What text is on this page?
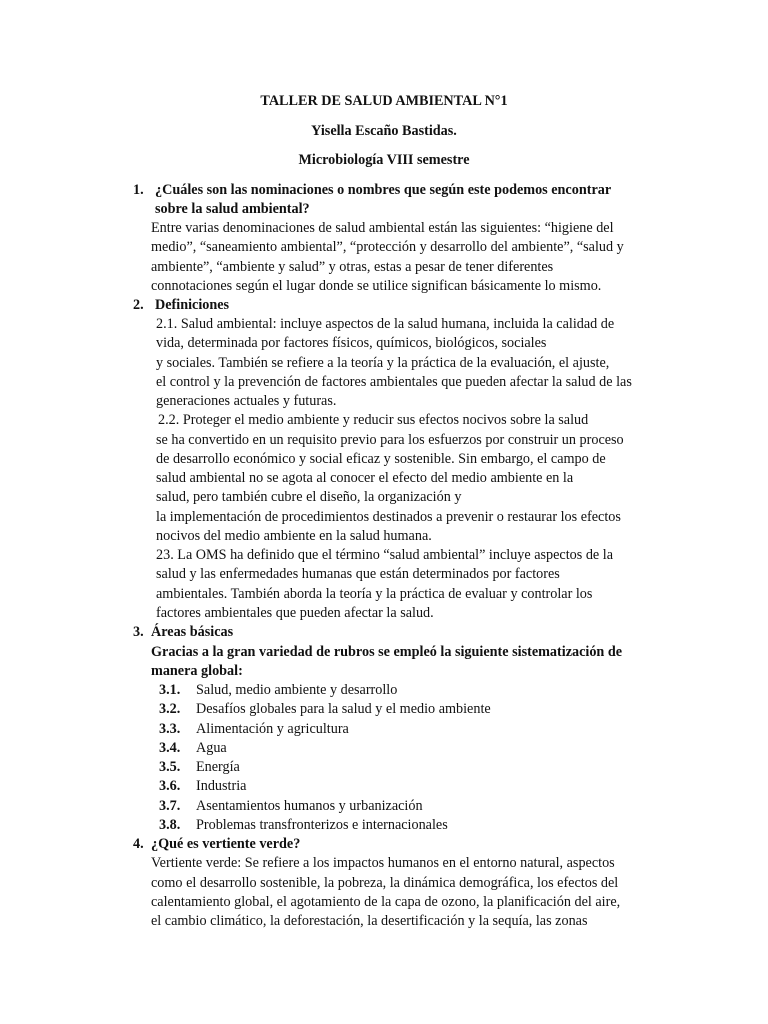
TALLER DE SALUD AMBIENTAL N°1
Yisella Escaño Bastidas.
Microbiología VIII semestre
1. ¿Cuáles son las nominaciones o nombres que según este podemos encontrar
sobre la salud ambiental?
Entre varias denominaciones de salud ambiental están las siguientes: “higiene del
medio”, “saneamiento ambiental”, “protección y desarrollo del ambiente”, “salud y
ambiente”, “ambiente y salud” y otras, estas a pesar de tener diferentes
connotaciones según el lugar donde se utilice significan básicamente lo mismo.
2. Definiciones
2.1. Salud ambiental: incluye aspectos de la salud humana, incluida la calidad de
vida, determinada por factores físicos, químicos, biológicos, sociales
y sociales. También se refiere a la teoría y la práctica de la evaluación, el ajuste,
el control y la prevención de factores ambientales que pueden afectar la salud de las
generaciones actuales y futuras.
2.2. Proteger el medio ambiente y reducir sus efectos nocivos sobre la salud
se ha convertido en un requisito previo para los esfuerzos por construir un proceso
de desarrollo económico y social eficaz y sostenible. Sin embargo, el campo de
salud ambiental no se agota al conocer el efecto del medio ambiente en la
salud, pero también cubre el diseño, la organización y
la implementación de procedimientos destinados a prevenir o restaurar los efectos
nocivos del medio ambiente en la salud humana.
23. La OMS ha definido que el término “salud ambiental” incluye aspectos de la
salud y las enfermedades humanas que están determinados por factores
ambientales. También aborda la teoría y la práctica de evaluar y controlar los
factores ambientales que pueden afectar la salud.
3. Áreas básicas
Gracias a la gran variedad de rubros se empleó la siguiente sistematización de
manera global:
3.1. Salud, medio ambiente y desarrollo
3.2. Desafíos globales para la salud y el medio ambiente
3.3. Alimentación y agricultura
3.4. Agua
3.5. Energía
3.6. Industria
3.7. Asentamientos humanos y urbanización
3.8. Problemas transfronterizos e internacionales
4. ¿Qué es vertiente verde?
Vertiente verde: Se refiere a los impactos humanos en el entorno natural, aspectos
como el desarrollo sostenible, la pobreza, la dinámica demográfica, los efectos del
calentamiento global, el agotamiento de la capa de ozono, la planificación del aire,
el cambio climático, la deforestación, la desertificación y la sequía, las zonas
